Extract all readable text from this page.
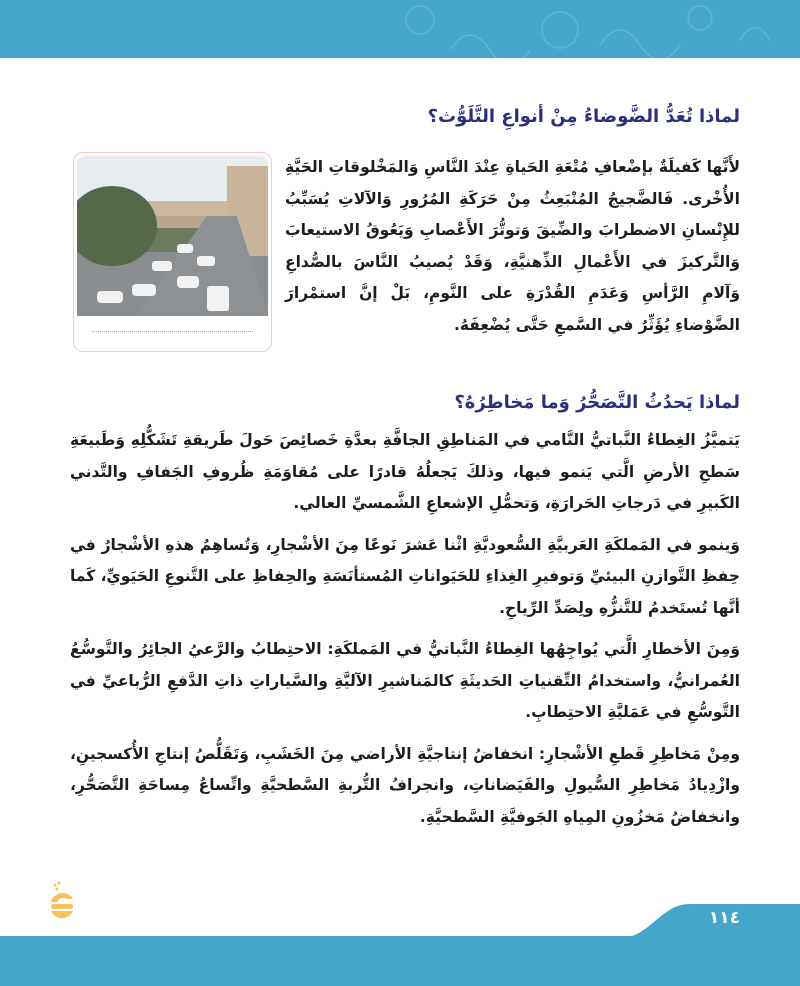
لماذا تُعَدُّ الضَّوضاءُ مِنْ أنواعِ التَّلَوُّث؟

لأَنَّها كَفيلَةٌ بإضْعافِ مُتْعَةِ الحَياةِ عِنْدَ النَّاسِ وَالمَخْلوقاتِ الحَيَّةِ الأُخْرى. فَالضَّجيجُ المُنْبَعِثُ مِنْ حَرَكَةِ المُرُورِ وَالآلاتِ يُسَبِّبُ للإِنْسانِ الاضطرابَ والضِّيقَ وَتوتُّرَ الأَعْصابِ وَيَعُوقُ الاستيعابَ وَالتَّركيزَ في الأَعْمالِ الذِّهنيَّةِ، وَقَدْ يُصيبُ النَّاسَ بالصُّداعِ وَآلامِ الرَّأسِ وَعَدَمِ القُدْرَةِ على النَّومِ، بَلْ إنَّ استمْرارَ الضَّوْضاءِ يُؤَثِّرُ في السَّمعِ حَتَّى يُضْعِفَهُ.

لماذا يَحدُثُ التَّصَحُّرُ وَما مَخاطِرُهُ؟

يَتميَّزُ الغِطاءُ النَّباتيُّ النَّامي في المَناطِقِ الجافَّةِ بعدَّةِ خَصائِصَ حَولَ طَريقةِ تَشَكُّلِهِ وَطَبيعَةِ سَطحِ الأرضِ الَّتي يَنمو فيها، وذلكَ يَجعلُهُ قادرًا على مُقاوَمَةِ ظُروفِ الجَفافِ والتَّدني الكَبيرِ في دَرجاتِ الحَرارَةِ، وَتحمُّلِ الإشعاعِ الشَّمسيِّ العالي.

وَينمو في المَملكَةِ العَربيَّةِ السُّعوديَّةِ اثْنا عَشرَ نَوعًا مِنَ الأشْجارِ، وَتُساهِمُ هذهِ الأشْجارُ في حِفظِ التَّوازنِ البيئيِّ وَتوفيرِ الغِذاءِ للحَيَواناتِ المُستأنَسَةِ والحِفاظِ على التَّنوعِ الحَيَويِّ، كَما أنَّها تُستَخدمُ للتَّنزُّهِ ولِصَدِّ الرِّياحِ.

وَمِنَ الأخطارِ الَّتي يُواجِهُها الغِطاءُ النَّباتيُّ في المَملكَةِ: الاحتِطابُ والرَّعيُ الجائِرُ والتَّوسُّعُ العُمرانيُّ، واستخدامُ التِّقنياتِ الحَديثَةِ كالمَناشيرِ الآليَّةِ والسَّياراتِ ذاتِ الدَّفعِ الرُّباعيِّ في التَّوسُّعِ في عَمَليَّةِ الاحتِطابِ.

ومِنْ مَخاطِرِ قَطعِ الأشْجارِ: انخفاضُ إنتاجيَّةِ الأراضي مِنَ الخَشَبِ، وَتَقَلُّصُ إنتاجِ الأُكسجينِ، وازْدِيادُ مَخاطِرِ السُّيولِ والفَيَضاناتِ، وانجرافُ التُّربةِ السَّطحيَّةِ واتِّساعُ مِساحَةِ التَّصَحُّرِ، وانخفاضُ مَخزُونِ المِياهِ الجَوفيَّةِ السَّطحيَّةِ.

١١٤
